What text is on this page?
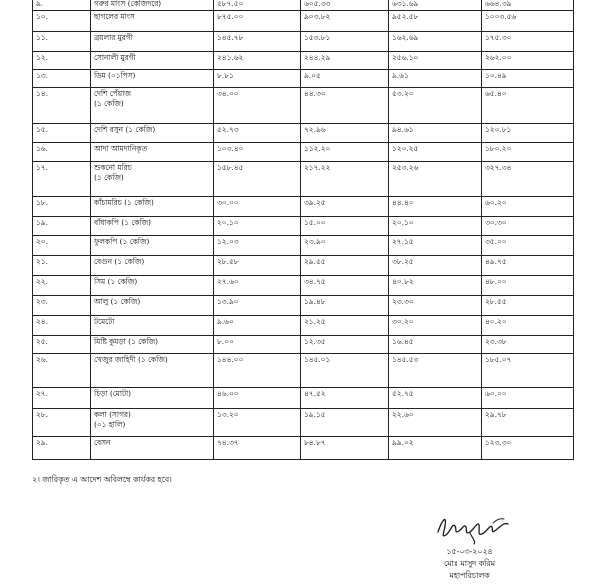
৯.	গরুর মাংস (কেজিদরে)	৫৮৭.৫০	৬০৫.৩৩	৬৩১.৬৯	৬৬৪.৩৯
১০.	ছাগলের মাংস	৮৭৫.০০	৯০৩.৮২	৯৫২.৫৮	১০০৩.৫৬
১১.	ব্রয়লার মুরগী	১৪৫.৭৮	১৫৩.৮১	১৬২.৬৯	১৭৫.৩০
১২.	সোনালী মুরগী	২৪১.৬২	২৪৪.২৯	২৫৬.১০	২৬২.০০
১৩.	ডিম (০১পিস)	৮.৮১	৯.০৫	৯.৬১	১০.৪৯
১৪.	দেশি পেঁয়াজ
(১ কেজি)	৩৪.০০	৪৪.৩০	৫৩.২০	৬৫.৪০
১৫.	দেশি রসুন (১ কেজি)	৫২.৭৩	৭২.৯৬	৯৪.৬১	১২০.৮১
১৬.	আদা আমদানিকৃত	১০৩.৪০	১১২.২০	১২০.২৫	১৮০.২০
১৭.	শুকনো মরিচ
(১ কেজি)	১৫৮.৪৫	২১৭.২২	২৫৩.২৬	৩২৭.৩৪
১৮.	কাঁচামরিচ (১ কেজি)	৩০.০০	৩৯.২৫	৪৪.৪০	৬০.২০
১৯.	বাঁধাকপি (১ কেজি)	২০.১০	১৫.০০	২০.১০	৩০.৩০
২০.	ফুলকপি (১ কেজি)	১২.০৩	২৩.৯০	২৭.১৫	৩৫.০০
২১.	বেগুন (১ কেজি)	২৮.৫৮	২৯.৫৫	৩৮.২৫	৪৯.৭৫
২২.	সিম (১ কেজি)	২৭.৬০	৩৪.৭৫	৪০.৮২	৪৮.০০
২৩.	আলু (১ কেজি)	১৩.৯০	১৯.৪৮	২৩.৩০	২৮.৫৫
২৪.	টমেটো	৯.৬০	২১.২৫	৩০.২০	৪০.২০
২৫.	মিষ্টি কুমড়া (১ কেজি)	৮.০০	১২.৩৫	১৬.৪৫	২৩.৩৮
২৬.	খেজুর জাহিদী (১ কেজি)	১৪৪.০০	১৪৫.০১	১৪৫.৫৩	১৮৫.০৭
২৭.	চিড়া (মোটা)	৪৬.০০	৪৭.৫২	৫২.৭৫	৬০.০০
২৮.	কলা (সাগর)
(০১ হালি)	১৩.২০	১৯.১৫	২২.৬০	২৯.৭৮
২৯.	বেসন	৭৪.৩৭	৮৪.৮৭	৯৯.০২	১২৩.৩০
২। জারিকৃত এ আদেশ অবিলম্বে কার্যকর হবে।
১৫-০৩-২০২৪
মোঃ মাসুদ করিম
মহাপরিচালক
